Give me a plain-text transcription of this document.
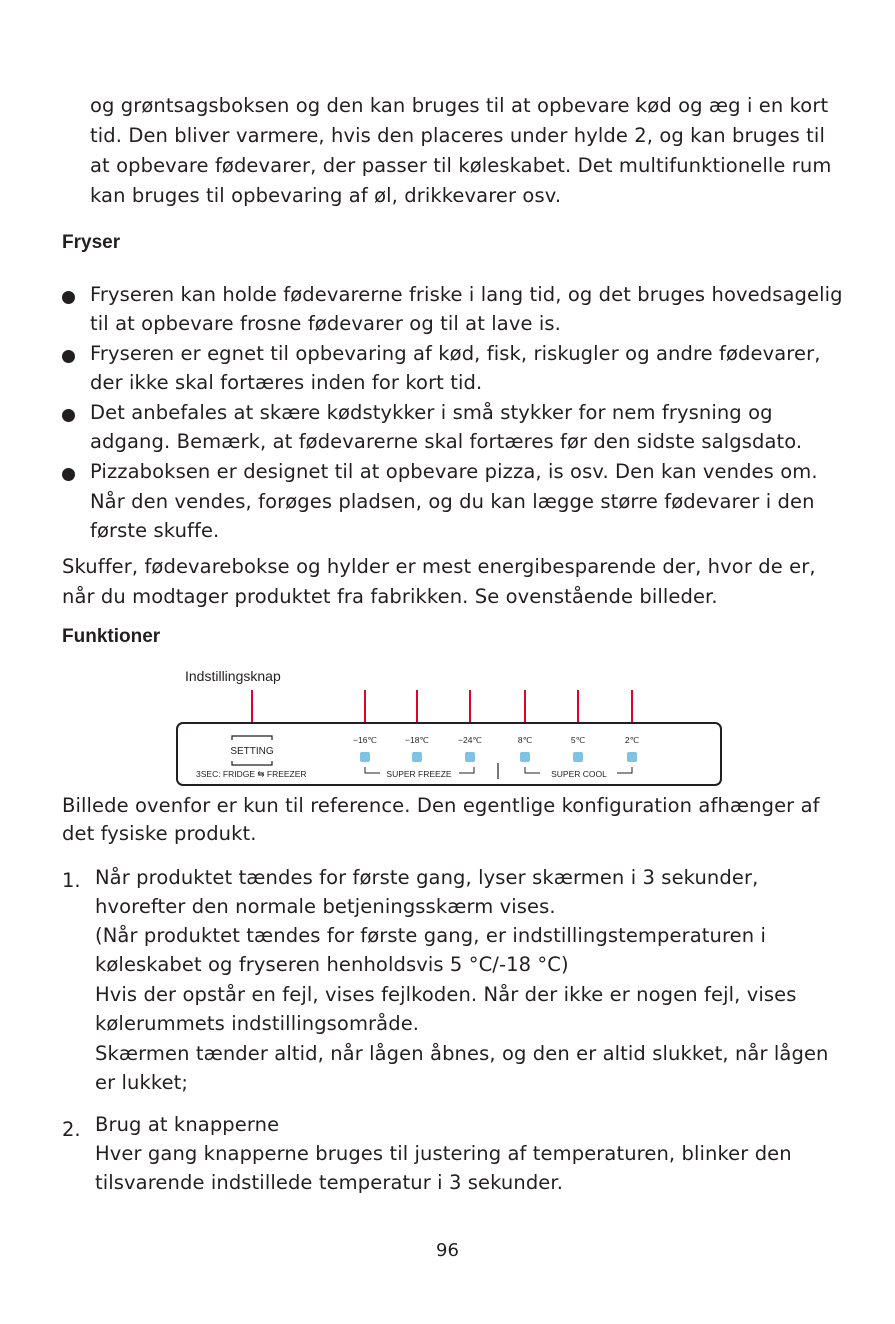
og grøntsagsboksen og den kan bruges til at opbevare kød og æg i en kort
tid. Den bliver varmere, hvis den placeres under hylde 2, og kan bruges til
at opbevare fødevarer, der passer til køleskabet. Det multifunktionelle rum
kan bruges til opbevaring af øl, drikkevarer osv.
Fryser
Fryseren kan holde fødevarerne friske i lang tid, og det bruges hovedsagelig
til at opbevare frosne fødevarer og til at lave is.
Fryseren er egnet til opbevaring af kød, fisk, riskugler og andre fødevarer,
der ikke skal fortæres inden for kort tid.
Det anbefales at skære kødstykker i små stykker for nem frysning og
adgang. Bemærk, at fødevarerne skal fortæres før den sidste salgsdato.
Pizzaboksen er designet til at opbevare pizza, is osv. Den kan vendes om.
Når den vendes, forøges pladsen, og du kan lægge større fødevarer i den
første skuffe.
Skuffer, fødevarebokse og hylder er mest energibesparende der, hvor de er,
når du modtager produktet fra fabrikken. Se ovenstående billeder.
Funktioner
Indstillingsknap
SETTING
3SEC: FRIDGE ⇆ FREEZER
−16℃	−18℃	−24℃	8℃	5℃	2℃
SUPER FREEZE	SUPER COOL
Billede ovenfor er kun til reference. Den egentlige konfiguration afhænger af
det fysiske produkt.
1. Når produktet tændes for første gang, lyser skærmen i 3 sekunder,
hvorefter den normale betjeningsskærm vises.
(Når produktet tændes for første gang, er indstillingstemperaturen i
køleskabet og fryseren henholdsvis 5 °C/-18 °C)
Hvis der opstår en fejl, vises fejlkoden. Når der ikke er nogen fejl, vises
kølerummets indstillingsområde.
Skærmen tænder altid, når lågen åbnes, og den er altid slukket, når lågen
er lukket;
2. Brug at knapperne
Hver gang knapperne bruges til justering af temperaturen, blinker den
tilsvarende indstillede temperatur i 3 sekunder.
96
